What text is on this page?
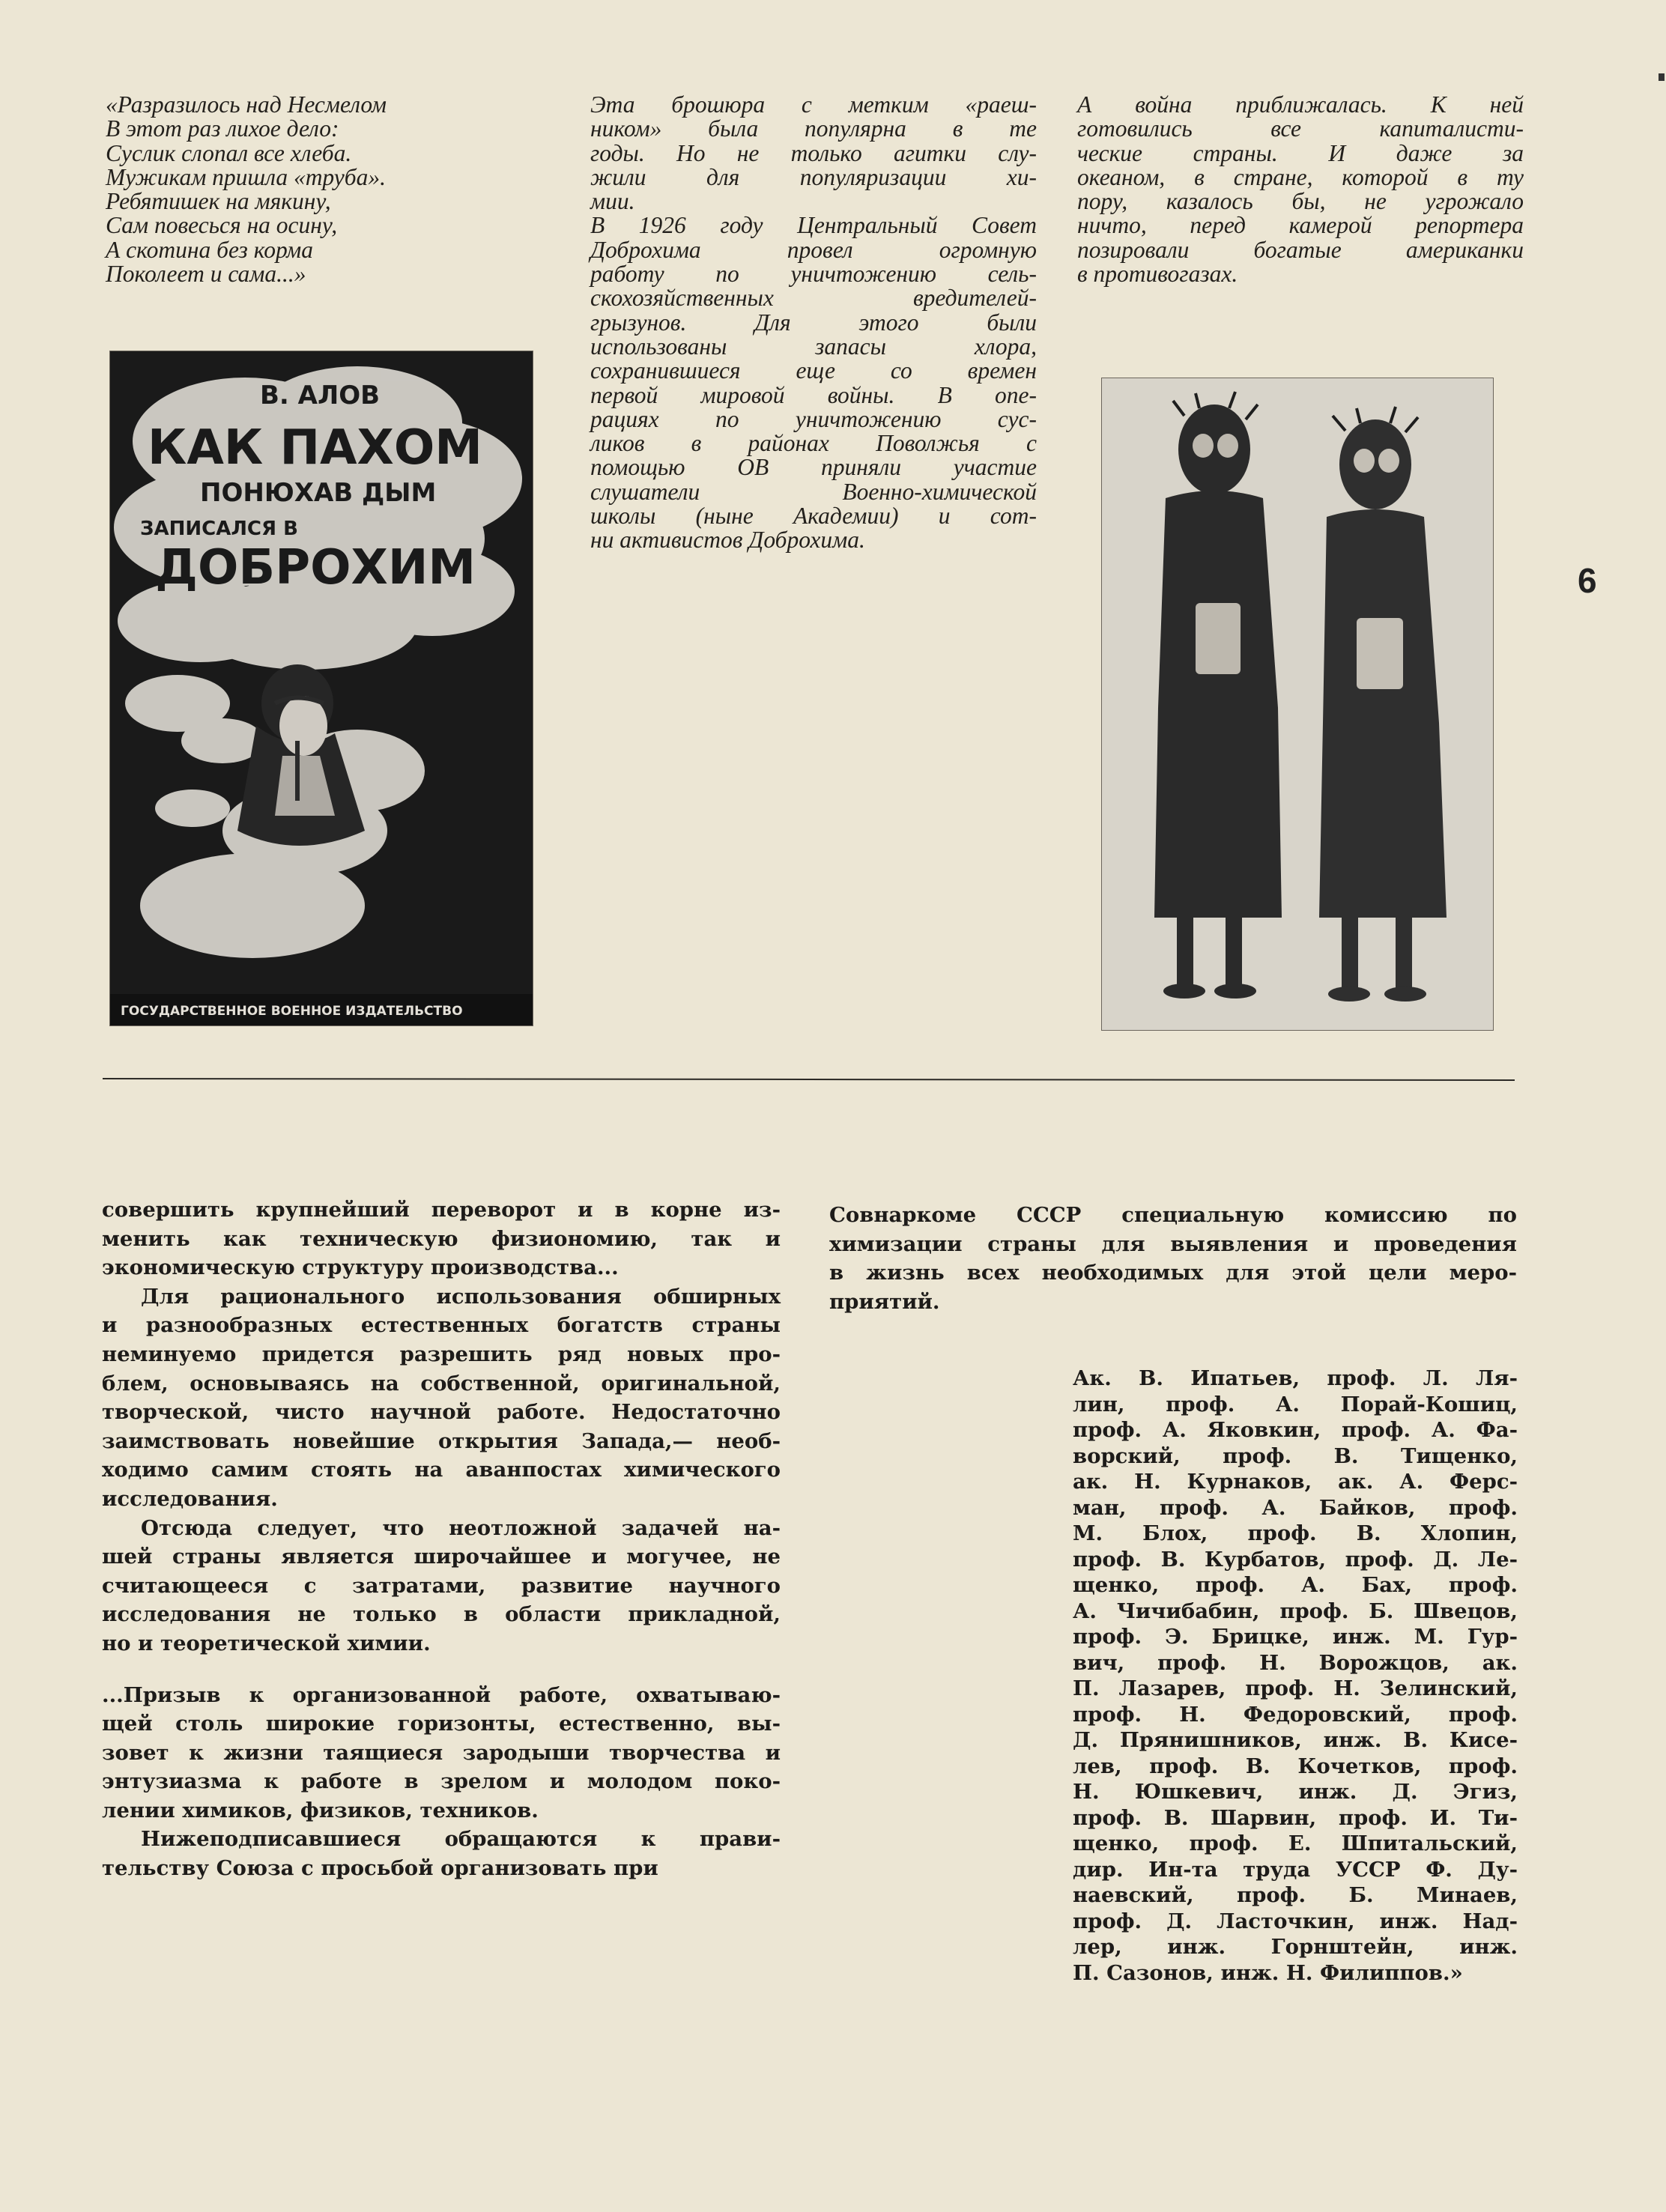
«Разразилось над Несмелом
В этот раз лихое дело:
Суслик слопал все хлеба.
Мужикам пришла «труба».
Ребятишек на мякину,
Сам повесься на осину,
А скотина без корма
Поколеет и сама...»
Эта брошюра с метким «раеш-
ником» была популярна в те
годы. Но не только агитки слу-
жили для популяризации хи-
мии.
В 1926 году Центральный Совет
Доброхима провел огромную
работу по уничтожению сель-
скохозяйственных вредителей-
грызунов. Для этого были
использованы запасы хлора,
сохранившиеся еще со времен
первой мировой войны. В опе-
рациях по уничтожению сус-
ликов в районах Поволжья с
помощью ОВ приняли участие
слушатели Военно-химической
школы (ныне Академии) и сот-
ни активистов Доброхима.
А война приближалась. К ней
готовились все капиталисти-
ческие страны. И даже за
океаном, в стране, которой в ту
пору, казалось бы, не угрожало
ничто, перед камерой репортера
позировали богатые американки
в противогазах.
В. АЛОВ
КАК ПАХОМ
ПОНЮХАВ ДЫМ
ЗАПИСАЛСЯ В
ДОБРОХИМ
ГОСУДАРСТВЕННОЕ ВОЕННОЕ ИЗДАТЕЛЬСТВО
6
совершить крупнейший переворот и в корне из-
менить как техническую физиономию, так и
экономическую структуру производства...
Для рационального использования обширных
и разнообразных естественных богатств страны
неминуемо придется разрешить ряд новых про-
блем, основываясь на собственной, оригинальной,
творческой, чисто научной работе. Недостаточно
заимствовать новейшие открытия Запада,— необ-
ходимо самим стоять на аванпостах химического
исследования.
Отсюда следует, что неотложной задачей на-
шей страны является широчайшее и могучее, не
считающееся с затратами, развитие научного
исследования не только в области прикладной,
но и теоретической химии.
...Призыв к организованной работе, охватываю-
щей столь широкие горизонты, естественно, вы-
зовет к жизни таящиеся зародыши творчества и
энтузиазма к работе в зрелом и молодом поко-
лении химиков, физиков, техников.
Нижеподписавшиеся обращаются к прави-
тельству Союза с просьбой организовать при
Совнаркоме СССР специальную комиссию по
химизации страны для выявления и проведения
в жизнь всех необходимых для этой цели меро-
приятий.
Ак. В. Ипатьев, проф. Л. Ля-
лин, проф. А. Порай-Кошиц,
проф. А. Яковкин, проф. А. Фа-
ворский, проф. В. Тищенко,
ак. Н. Курнаков, ак. А. Ферс-
ман, проф. А. Байков, проф.
М. Блох, проф. В. Хлопин,
проф. В. Курбатов, проф. Д. Ле-
щенко, проф. А. Бах, проф.
А. Чичибабин, проф. Б. Швецов,
проф. Э. Брицке, инж. М. Гур-
вич, проф. Н. Ворожцов, ак.
П. Лазарев, проф. Н. Зелинский,
проф. Н. Федоровский, проф.
Д. Прянишников, инж. В. Кисе-
лев, проф. В. Кочетков, проф.
Н. Юшкевич, инж. Д. Эгиз,
проф. В. Шарвин, проф. И. Ти-
щенко, проф. Е. Шпитальский,
дир. Ин-та труда УССР Ф. Ду-
наевский, проф. Б. Минаев,
проф. Д. Ласточкин, инж. Над-
лер, инж. Горнштейн, инж.
П. Сазонов, инж. Н. Филиппов.»
